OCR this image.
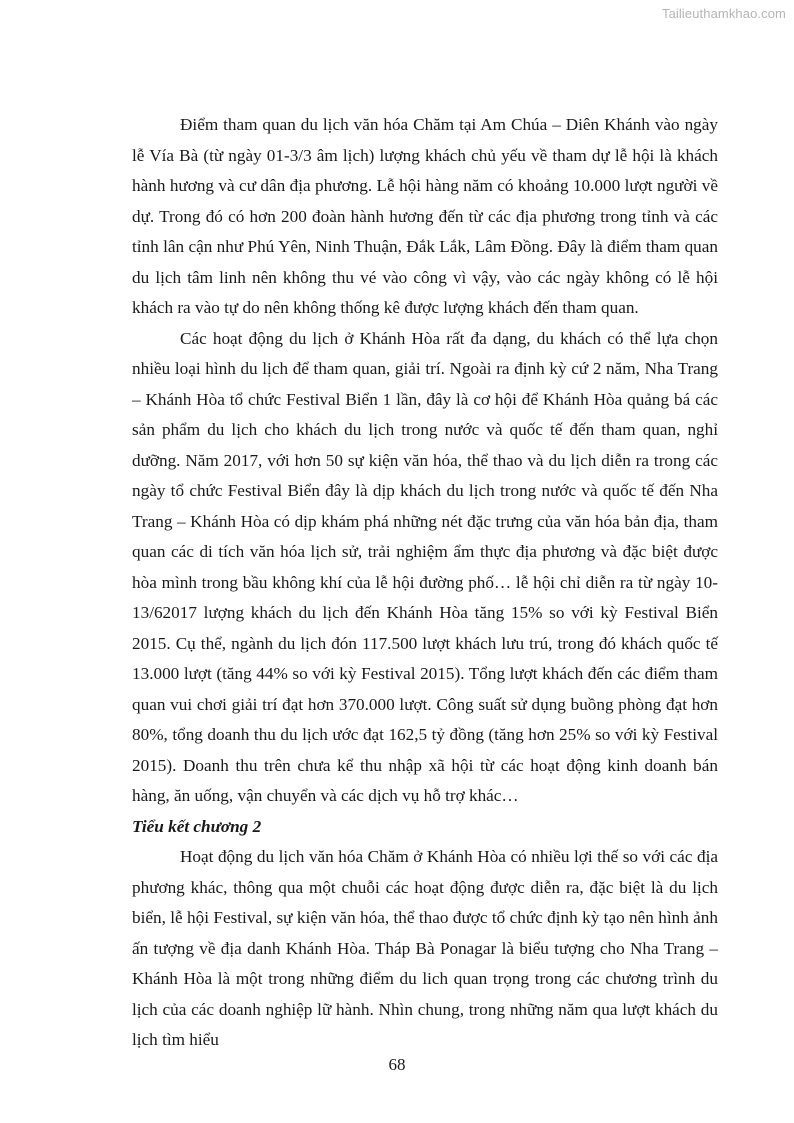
Tailieuthamkhao.com

Điểm tham quan du lịch văn hóa Chăm tại Am Chúa – Diên Khánh vào ngày lễ Vía Bà (từ ngày 01-3/3 âm lịch) lượng khách chủ yếu về tham dự lễ hội là khách hành hương và cư dân địa phương. Lễ hội hàng năm có khoảng 10.000 lượt người về dự. Trong đó có hơn 200 đoàn hành hương đến từ các địa phương trong tỉnh và các tỉnh lân cận như Phú Yên, Ninh Thuận, Đắk Lắk, Lâm Đồng. Đây là điểm tham quan du lịch tâm linh nên không thu vé vào công vì vậy, vào các ngày không có lễ hội khách ra vào tự do nên không thống kê được lượng khách đến tham quan.

Các hoạt động du lịch ở Khánh Hòa rất đa dạng, du khách có thể lựa chọn nhiều loại hình du lịch để tham quan, giải trí. Ngoài ra định kỳ cứ 2 năm, Nha Trang – Khánh Hòa tổ chức Festival Biển 1 lần, đây là cơ hội để Khánh Hòa quảng bá các sản phẩm du lịch cho khách du lịch trong nước và quốc tế đến tham quan, nghỉ dưỡng. Năm 2017, với hơn 50 sự kiện văn hóa, thể thao và du lịch diễn ra trong các ngày tổ chức Festival Biển đây là dịp khách du lịch trong nước và quốc tế đến Nha Trang – Khánh Hòa có dịp khám phá những nét đặc trưng của văn hóa bản địa, tham quan các di tích văn hóa lịch sử, trải nghiệm ẩm thực địa phương và đặc biệt được hòa mình trong bầu không khí của lễ hội đường phố… lễ hội chỉ diễn ra từ ngày 10-13/62017 lượng khách du lịch đến Khánh Hòa tăng 15% so với kỳ Festival Biển 2015. Cụ thể, ngành du lịch đón 117.500 lượt khách lưu trú, trong đó khách quốc tế 13.000 lượt (tăng 44% so với kỳ Festival 2015). Tổng lượt khách đến các điểm tham quan vui chơi giải trí đạt hơn 370.000 lượt. Công suất sử dụng buồng phòng đạt hơn 80%, tổng doanh thu du lịch ước đạt 162,5 tỷ đồng (tăng hơn 25% so với kỳ Festival 2015). Doanh thu trên chưa kể thu nhập xã hội từ các hoạt động kinh doanh bán hàng, ăn uống, vận chuyển và các dịch vụ hỗ trợ khác…

Tiểu kết chương 2

Hoạt động du lịch văn hóa Chăm ở Khánh Hòa có nhiều lợi thế so với các địa phương khác, thông qua một chuỗi các hoạt động được diễn ra, đặc biệt là du lịch biển, lễ hội Festival, sự kiện văn hóa, thể thao được tổ chức định kỳ tạo nên hình ảnh ấn tượng về địa danh Khánh Hòa. Tháp Bà Ponagar là biểu tượng cho Nha Trang – Khánh Hòa là một trong những điểm du lich quan trọng trong các chương trình du lịch của các doanh nghiệp lữ hành. Nhìn chung, trong những năm qua lượt khách du lịch tìm hiểu

68
